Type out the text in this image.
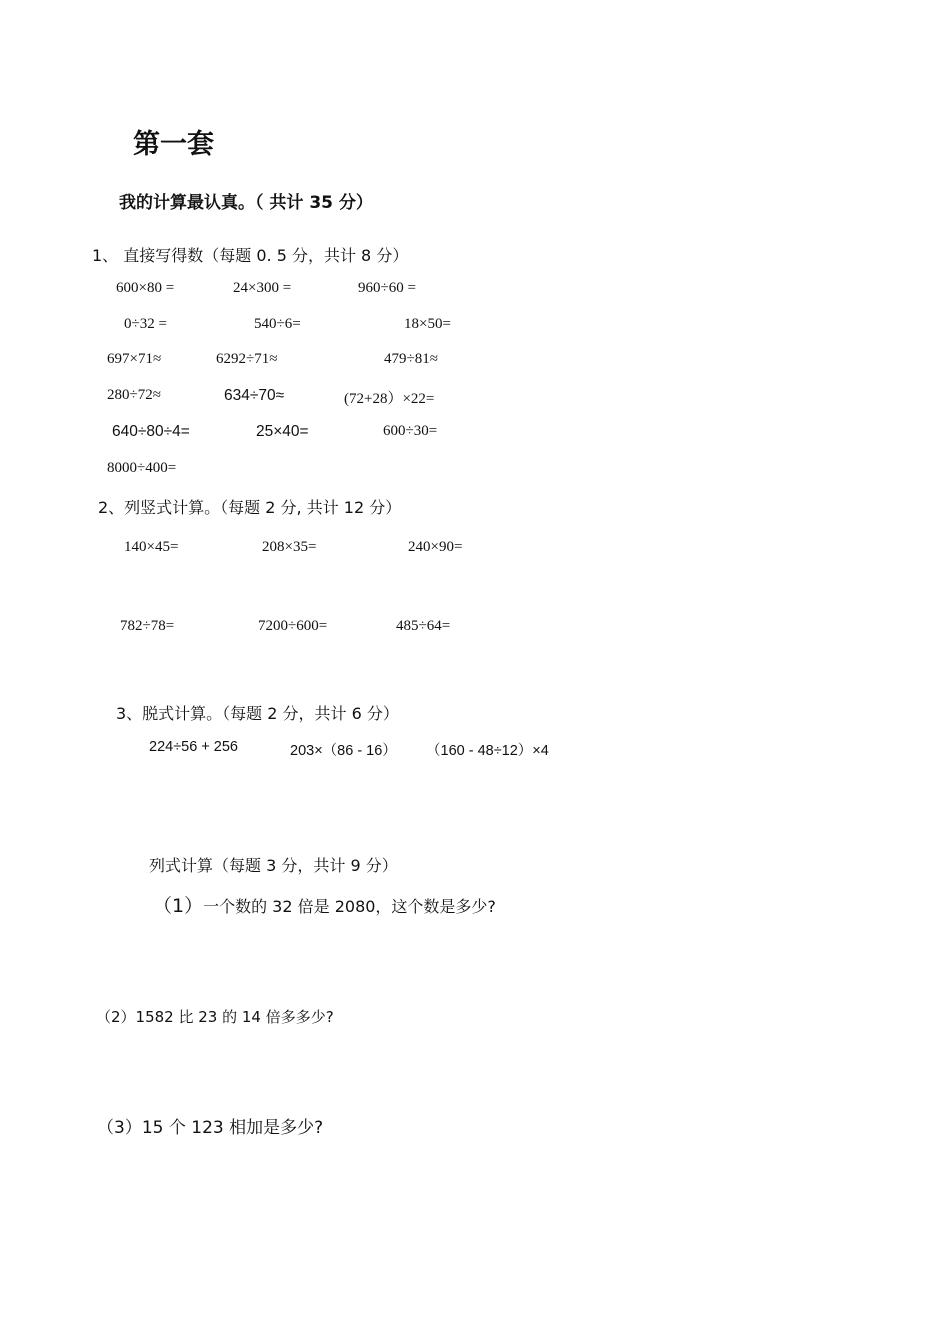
第一套
我的计算最认真。（ 共计 35 分）
1、 直接写得数（每题 0. 5 分，共计 8 分）
600×80 =	24×300 =	960÷60 =
0÷32 =	540÷6=	18×50=
697×71≈	6292÷71≈	479÷81≈
280÷72≈	634÷70≈	(72+28）×22=
640÷80÷4=	25×40=	600÷30=
8000÷400=
2、列竖式计算。（每题 2 分, 共计 12 分）
140×45=	208×35=	240×90=
782÷78=	7200÷600=	485÷64=
3、脱式计算。（每题 2 分，共计 6 分）
224÷56 + 256	203×（86 - 16） （160 - 48÷12）×4
列式计算（每题 3 分，共计 9 分）
（1）一个数的 32 倍是 2080，这个数是多少?
（2）1582 比 23 的 14 倍多多少?
（3）15 个 123 相加是多少?
